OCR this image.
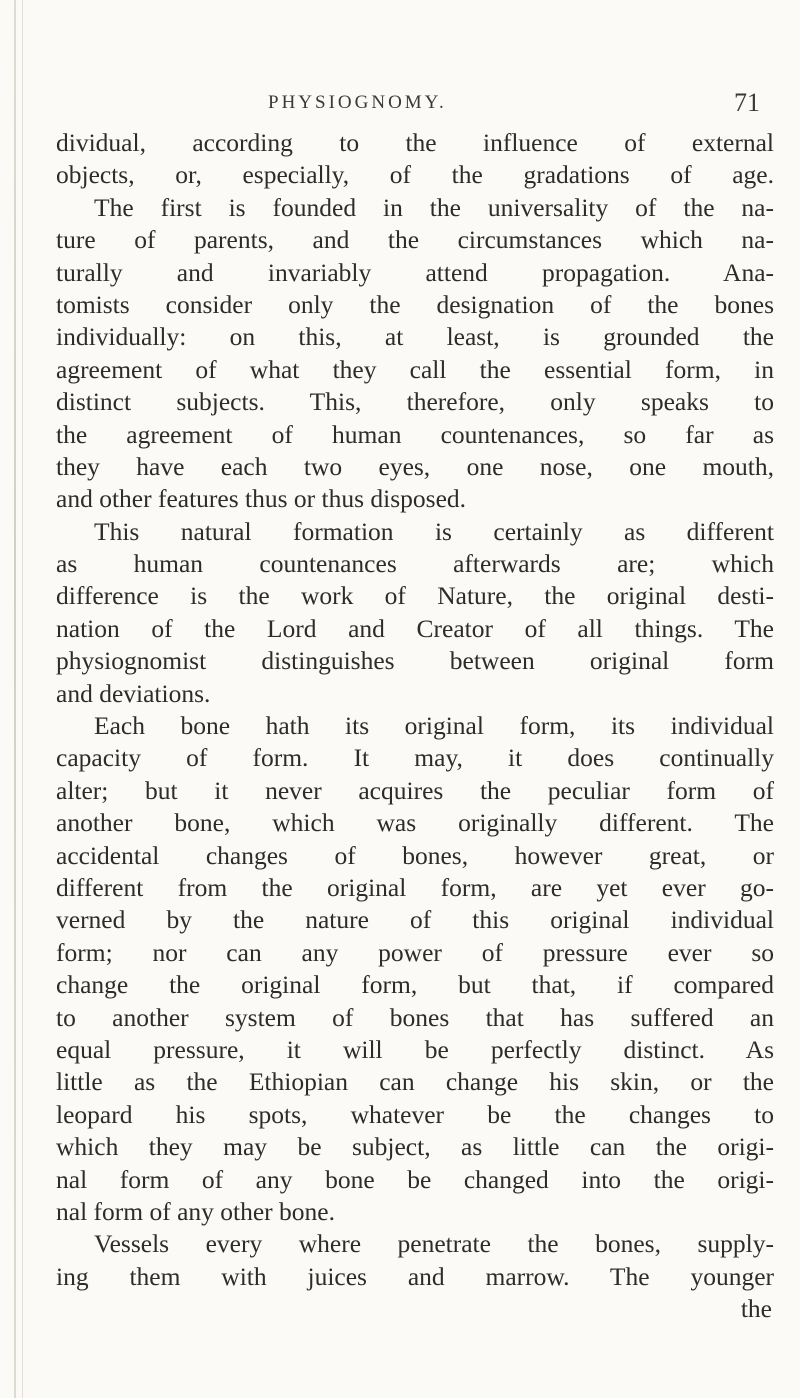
PHYSIOGNOMY.	71
dividual, according to the influence of external
objects, or, especially, of the gradations of age.
The first is founded in the universality of the na-
ture of parents, and the circumstances which na-
turally and invariably attend propagation. Ana-
tomists consider only the designation of the bones
individually: on this, at least, is grounded the
agreement of what they call the essential form, in
distinct subjects. This, therefore, only speaks to
the agreement of human countenances, so far as
they have each two eyes, one nose, one mouth,
and other features thus or thus disposed.
This natural formation is certainly as different
as human countenances afterwards are; which
difference is the work of Nature, the original desti-
nation of the Lord and Creator of all things. The
physiognomist distinguishes between original form
and deviations.
Each bone hath its original form, its individual
capacity of form. It may, it does continually
alter; but it never acquires the peculiar form of
another bone, which was originally different. The
accidental changes of bones, however great, or
different from the original form, are yet ever go-
verned by the nature of this original individual
form; nor can any power of pressure ever so
change the original form, but that, if compared
to another system of bones that has suffered an
equal pressure, it will be perfectly distinct. As
little as the Ethiopian can change his skin, or the
leopard his spots, whatever be the changes to
which they may be subject, as little can the origi-
nal form of any bone be changed into the origi-
nal form of any other bone.
Vessels every where penetrate the bones, supply-
ing them with juices and marrow. The younger
the
